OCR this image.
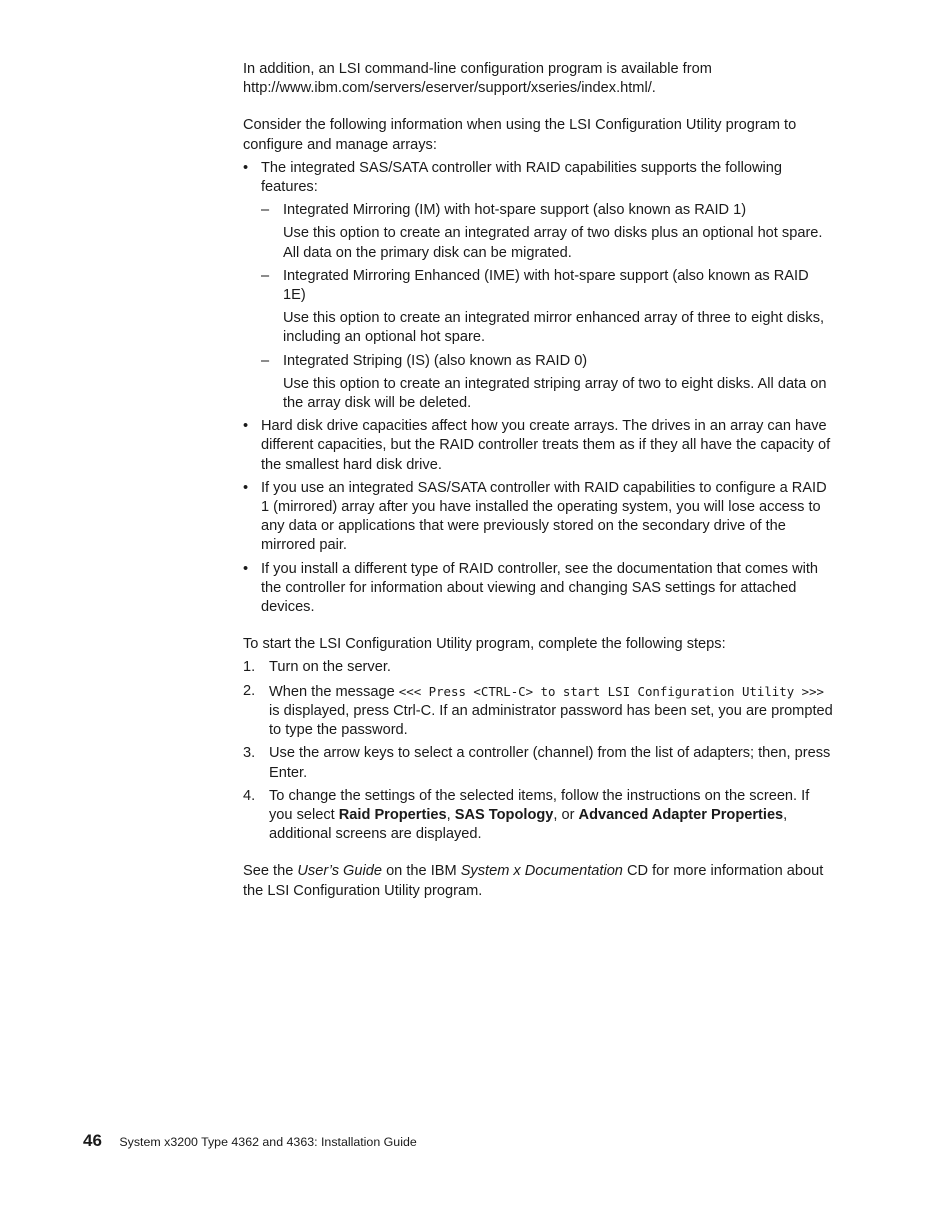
In addition, an LSI command-line configuration program is available from

http://www.ibm.com/servers/eserver/support/xseries/index.html/.

Consider the following information when using the LSI Configuration Utility program to configure and manage arrays:

• The integrated SAS/SATA controller with RAID capabilities supports the following features:
– Integrated Mirroring (IM) with hot-spare support (also known as RAID 1)

Use this option to create an integrated array of two disks plus an optional hot spare. All data on the primary disk can be migrated.

– Integrated Mirroring Enhanced (IME) with hot-spare support (also known as RAID 1E)

Use this option to create an integrated mirror enhanced array of three to eight disks, including an optional hot spare.

– Integrated Striping (IS) (also known as RAID 0)

Use this option to create an integrated striping array of two to eight disks. All data on the array disk will be deleted.

• Hard disk drive capacities affect how you create arrays. The drives in an array can have different capacities, but the RAID controller treats them as if they all have the capacity of the smallest hard disk drive.
• If you use an integrated SAS/SATA controller with RAID capabilities to configure a RAID 1 (mirrored) array after you have installed the operating system, you will lose access to any data or applications that were previously stored on the secondary drive of the mirrored pair.
• If you install a different type of RAID controller, see the documentation that comes with the controller for information about viewing and changing SAS settings for attached devices.

To start the LSI Configuration Utility program, complete the following steps:

1. Turn on the server.
2. When the message <<< Press <CTRL-C> to start LSI Configuration Utility >>> is displayed, press Ctrl-C. If an administrator password has been set, you are prompted to type the password.
3. Use the arrow keys to select a controller (channel) from the list of adapters; then, press Enter.
4. To change the settings of the selected items, follow the instructions on the screen. If you select Raid Properties, SAS Topology, or Advanced Adapter Properties, additional screens are displayed.

See the User’s Guide on the IBM System x Documentation CD for more information about the LSI Configuration Utility program.

46 System x3200 Type 4362 and 4363: Installation Guide
